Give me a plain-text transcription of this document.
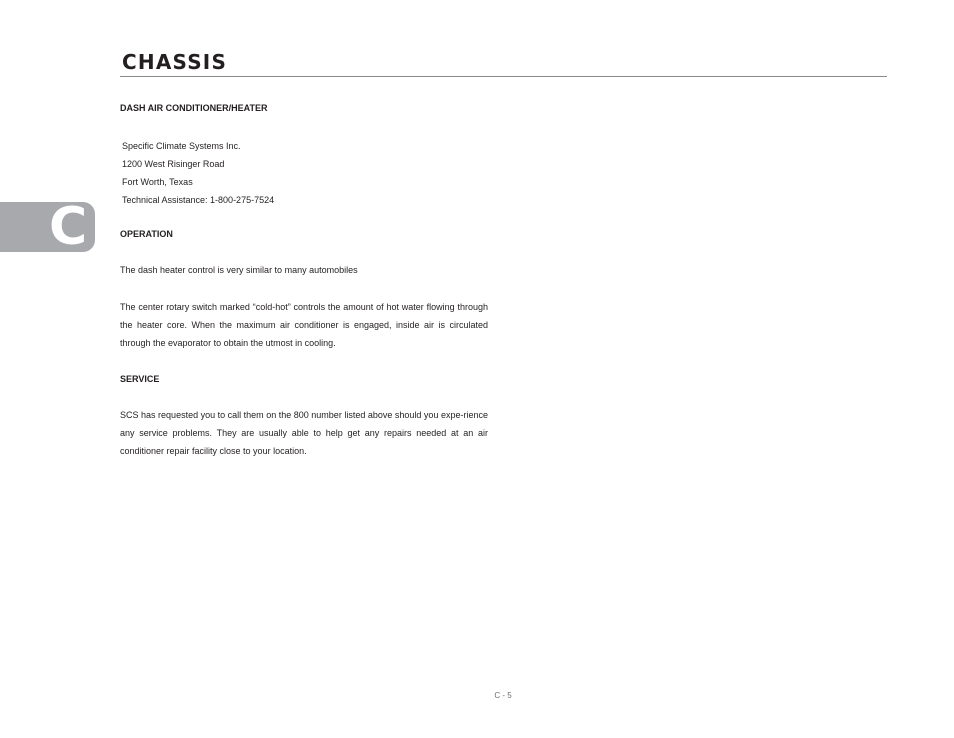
CHASSIS
C
DASH AIR CONDITIONER/HEATER
Specific Climate Systems Inc.
1200 West Risinger Road
Fort Worth, Texas
Technical Assistance: 1-800-275-7524
OPERATION

The dash heater control is very similar to many automobiles

The center rotary switch marked “cold-hot” controls the amount of hot water flowing through the heater core. When the maximum air conditioner is engaged, inside air is circulated through the evaporator to obtain the utmost in cooling.

SERVICE

SCS has requested you to call them on the 800 number listed above should you expe-rience any service problems. They are usually able to help get any repairs needed at an air conditioner repair facility close to your location.

C - 5
